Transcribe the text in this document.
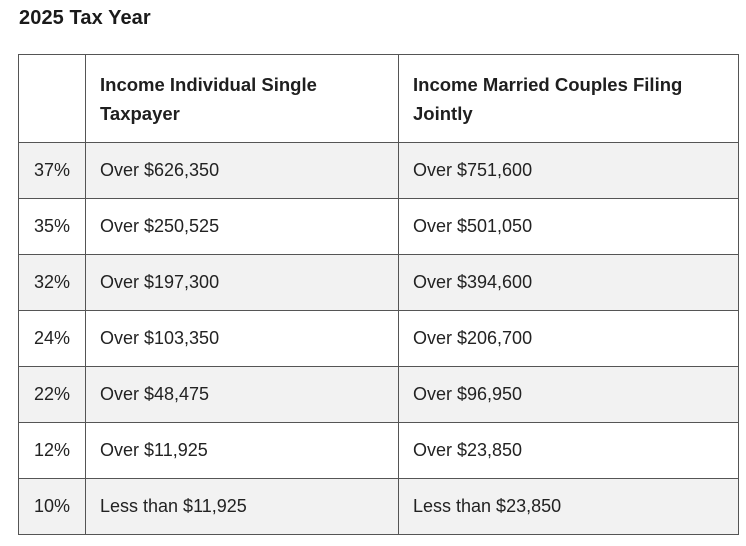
2025 Tax Year
	Income Individual Single Taxpayer	Income Married Couples Filing Jointly
37%	Over $626,350	Over $751,600
35%	Over $250,525	Over $501,050
32%	Over $197,300	Over $394,600
24%	Over $103,350	Over $206,700
22%	Over $48,475	Over $96,950
12%	Over $11,925	Over $23,850
10%	Less than $11,925	Less than $23,850
